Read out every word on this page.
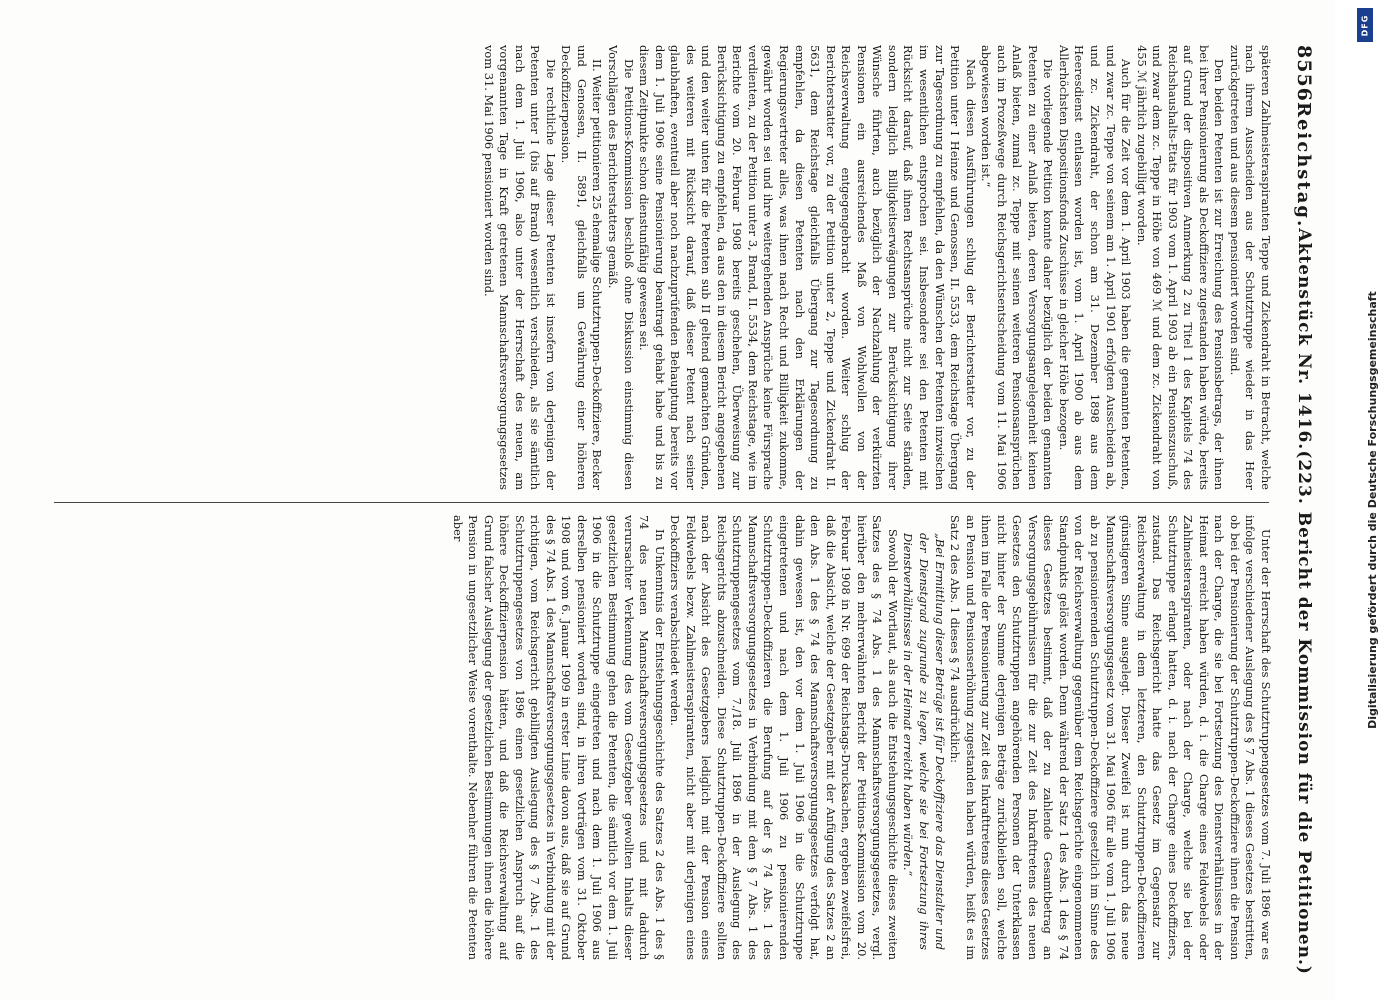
8556
Reichstag.
Aktenstück Nr. 1416.
(223. Bericht der Kommission für die Petitionen.)

späteren Zahlmeisteraspiranten Teppe und Zickendraht in Betracht, welche nach ihrem Ausscheiden aus der Schutztruppe wieder in das Heer zurückgetreten und aus diesem pensioniert worden sind.

Den beiden Petenten ist zur Erreichung des Pensionsbetrags, der ihnen bei ihrer Pensionierung als Deckoffiziere zugestanden haben würde, bereits auf Grund der dispositiven Anmerkung 2 zu Titel 1 des Kapitels 74 des Reichshaushalts-Etats für 1903 vom 1. April 1903 ab ein Pensionszuschuß, und zwar dem zc. Teppe in Höhe von 469 ℳ und dem zc. Zickendraht von 455 ℳ jährlich zugebilligt worden.

Auch für die Zeit vor dem 1. April 1903 haben die genannten Petenten, und zwar zc. Teppe von seinem am 1. April 1901 erfolgten Ausscheiden ab, und zc. Zickendraht, der schon am 31. Dezember 1898 aus dem Heeresdienst entlassen worden ist, vom 1. April 1900 ab aus dem Allerhöchsten Dispositionsfonds Zuschüsse in gleicher Höhe bezogen.

Die vorliegende Petition konnte daher bezüglich der beiden genannten Petenten zu einer Anlaß bieten, deren Versorgungsangelegenheit keinen Anlaß bieten, zumal zc. Teppe mit seinen weiteren Pensionsansprüchen auch im Prozeßwege durch Reichsgerichtsentscheidung vom 11. Mai 1906 abgewiesen worden ist.“

Nach diesen Ausführungen schlug der Berichterstatter vor, zu der Petition unter I Heinze und Genossen, II. 5533, dem Reichstage Übergang zur Tagesordnung zu empfehlen, da den Wünschen der Petenten inzwischen im wesentlichen entsprochen sei. Insbesondere sei den Petenten mit Rücksicht darauf, daß ihnen Rechtsansprüche nicht zur Seite ständen, sondern lediglich Billigkeitserwägungen zur Berücksichtigung ihrer Wünsche führten, auch bezüglich der Nachzahlung der verkürzten Pensionen ein ausreichendes Maß von Wohlwollen von der Reichsverwaltung entgegengebracht worden. Weiter schlug der Berichterstatter vor, zu der Petition unter 2, Teppe und Zickendraht II. 5631, dem Reichstage gleichfalls Übergang zur Tagesordnung zu empfehlen, da diesen Petenten nach den Erklärungen der Regierungsvertreter alles, was ihnen nach Recht und Billigkeit zukomme, gewährt worden sei und ihre weitergehenden Ansprüche keine Fürsprache verdienten, zu der Petition unter 3, Brand, II. 5534, dem Reichstage, wie im Berichte vom 20. Februar 1908 bereits geschehen, Überweisung zur Berücksichtigung zu empfehlen, da aus den in diesem Bericht angegebenen und den weiter unten für die Petenten sub II geltend gemachten Gründen, des weiteren mit Rücksicht darauf, daß dieser Petent nach seiner glaubhaften, eventuell aber noch nachzuprüfenden Behauptung bereits vor dem 1. Juli 1906 seine Pensionierung beantragt gehabt habe und bis zu diesem Zeitpunkte schon dienstunfähig gewesen sei.

Die Petitions-Kommission beschloß ohne Diskussion einstimmig diesen Vorschlägen des Berichterstatters gemäß.

II. Weiter petitionieren 25 ehemalige Schutztruppen-Deckoffiziere, Becker und Genossen, II. 5891, gleichfalls um Gewährung einer höheren Deckoffizierpension.

Die rechtliche Lage dieser Petenten ist insofern von derjenigen der Petenten unter I (bis auf Brand) wesentlich verschieden, als sie sämtlich nach dem 1. Juli 1906, also unter der Herrschaft des neuen, am vorgenannten Tage in Kraft getretenen Mannschaftsversorgungsgesetzes vom 31. Mai 1906 pensioniert worden sind.

Unter der Herrschaft des Schutztruppengesetzes vom 7. Juli 1896 war es infolge verschiedener Auslegung des § 7 Abs. 1 dieses Gesetzes bestritten, ob bei der Pensionierung der Schutztruppen-Deckoffiziere ihnen die Pension nach der Charge, die sie bei Fortsetzung des Dienstverhältnisses in der Heimat erreicht haben würden, d. i. die Charge eines Feldwebels oder Zahlmeisteraspiranten, oder nach der Charge, welche sie bei der Schutztruppe erlangt hatten, d. i. nach der Charge eines Deckoffiziers, zustand. Das Reichsgericht hatte das Gesetz im Gegensatz zur Reichsverwaltung in dem letzteren, den Schutztruppen-Deckoffizieren günstigeren Sinne ausgelegt. Dieser Zweifel ist nun durch das neue Mannschaftsversorgungsgesetz vom 31. Mai 1906 für alle vom 1. Juli 1906 ab zu pensionierenden Schutztruppen-Deckoffiziere gesetzlich im Sinne des von der Reichsverwaltung gegenüber dem Reichsgerichte eingenommenen Standpunkts gelöst worden. Denn während der Satz 1 des Abs. 1 des § 74 dieses Gesetzes bestimmt, daß der zu zahlende Gesamtbetrag an Versorgungsgebührnissen für die zur Zeit des Inkrafttretens des neuen Gesetzes den Schutztruppen angehörenden Personen der Unterklassen nicht hinter der Summe derjenigen Beträge zurückbleiben soll, welche ihnen im Falle der Pensionierung zur Zeit des Inkrafttretens dieses Gesetzes an Pension und Pensionserhöhung zugestanden haben würden, heißt es im Satz 2 des Abs. 1 dieses § 74 ausdrücklich:

„Bei Ermittlung dieser Beträge ist für Deckoffiziere das Dienstalter und der Dienstgrad zugrunde zu legen, welche sie bei Fortsetzung ihres Dienstverhältnisses in der Heimat erreicht haben würden.“

Sowohl der Wortlaut, als auch die Entstehungsgeschichte dieses zweiten Satzes des § 74 Abs. 1 des Mannschaftsversorgungsgesetzes, vergl. hierüber den mehrerwähnten Bericht der Petitions-Kommission vom 20. Februar 1908 in Nr. 699 der Reichstags-Drucksachen, ergeben zweifelsfrei, daß die Absicht, welche der Gesetzgeber mit der Anfügung des Satzes 2 an den Abs. 1 des § 74 des Mannschaftsversorgungsgesetzes verfolgt hat, dahin gewesen ist, den vor dem 1. Juli 1906 in die Schutztruppe eingetretenen und nach dem 1. Juli 1906 zu pensionierenden Schutztruppen-Deckoffizieren die Berufung auf der § 74 Abs. 1 des Mannschaftsversorgungsgesetzes in Verbindung mit dem § 7 Abs. 1 des Schutztruppengesetzes vom 7./18. Juli 1896 in der Auslegung des Reichsgerichts abzuschneiden. Diese Schutztruppen-Deckoffiziere sollten nach der Absicht des Gesetzgebers lediglich mit der Pension eines Feldwebels bezw. Zahlmeisteraspiranten, nicht aber mit derjenigen eines Deckoffiziers verabschiedet werden.

In Unkenntnis der Entstehungsgeschichte des Satzes 2 des Abs. 1 des § 74 des neuen Mannschaftsversorgungsgesetzes und mit dadurch verursachter Verkennung des vom Gesetzgeber gewollten Inhalts dieser gesetzlichen Bestimmung gehen die Petenten, die sämtlich vor dem 1. Juli 1906 in die Schutztruppe eingetreten und nach dem 1. Juli 1906 aus derselben pensioniert worden sind, in ihren Vorträgen vom 31. Oktober 1908 und vom 6. Januar 1909 in erster Linie davon aus, daß sie auf Grund des § 74 Abs. 1 des Mannschaftsversorgungsgesetzes in Verbindung mit der richtigen, vom Reichsgericht gebilligten Auslegung des § 7 Abs. 1 des Schutztruppengesetzes von 1896 einen gesetzlichen Anspruch auf die höhere Deckoffizierpension hätten, und daß die Reichsverwaltung auf Grund falscher Auslegung der gesetzlichen Bestimmungen ihnen die höhere Pension in ungesetzlicher Weise vorenthalte. Nebenher führen die Petenten aber

DFG
Digitalisierung gefördert durch die Deutsche Forschungsgemeinschaft
